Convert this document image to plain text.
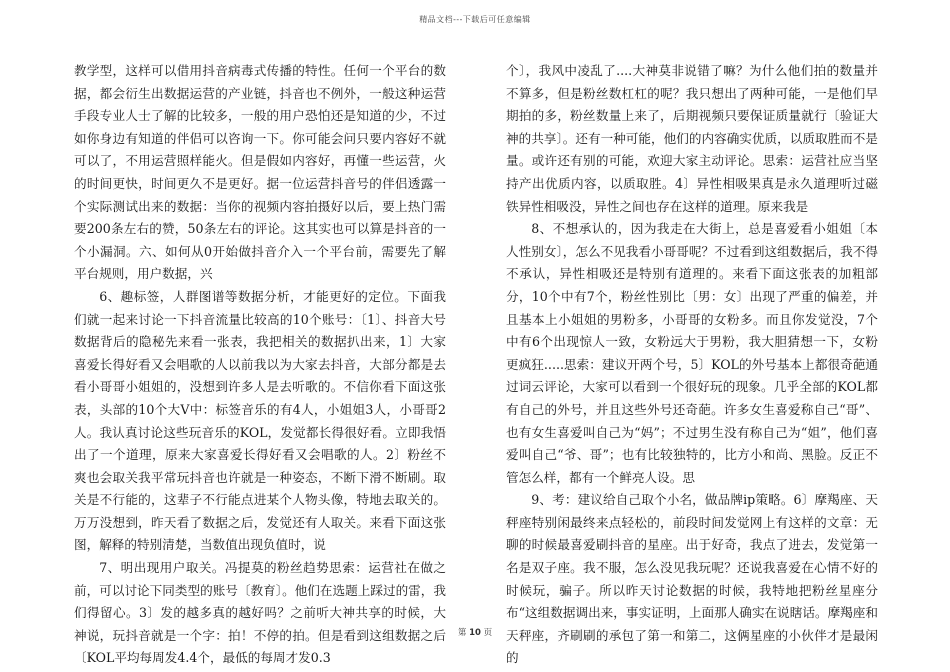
精品文档---下载后可任意编辑

教学型，这样可以借用抖音病毒式传播的特性。任何一个平台的数据，都会衍生出数据运营的产业链，抖音也不例外，一般这种运营手段专业人士了解的比较多，一般的用户恐怕还是知道的少，不过如你身边有知道的伴侣可以咨询一下。你可能会问只要内容好不就可以了，不用运营照样能火。但是假如内容好，再懂一些运营，火的时间更快，时间更久不是更好。据一位运营抖音号的伴侣透露一个实际测试出来的数据：当你的视频内容拍摄好以后，要上热门需要200条左右的赞，50条左右的评论。这其实也可以算是抖音的一个小漏洞。六、如何从0开始做抖音介入一个平台前，需要先了解平台规则，用户数据，兴

6、趣标签，人群图谱等数据分析，才能更好的定位。下面我们就一起来讨论一下抖音流量比较高的10个账号：〔1〕、抖音大号数据背后的隐秘先来看一张表，我把相关的数据扒出来，1〕大家喜爱长得好看又会唱歌的人以前我以为大家去抖音，大部分都是去看小哥哥小姐姐的，没想到许多人是去听歌的。不信你看下面这张表，头部的10个大V中：标签音乐的有4人，小姐姐3人，小哥哥2人。我认真讨论这些玩音乐的KOL，发觉都长得很好看。立即我悟出了一个道理，原来大家喜爱长得好看又会唱歌的人。2〕粉丝不爽也会取关我平常玩抖音也许就是一种姿态，不断下滑不断刷。取关是不行能的，这辈子不行能点进某个人物头像，特地去取关的。万万没想到，昨天看了数据之后，发觉还有人取关。来看下面这张图，解释的特别清楚，当数值出现负值时，说

7、明出现用户取关。冯提莫的粉丝趋势思索：运营社在做之前，可以讨论下同类型的账号〔教育〕。他们在选题上踩过的雷，我们得留心。3〕发的越多真的越好吗？之前听大神共享的时候，大神说，玩抖音就是一个字：拍！不停的拍。但是看到这组数据之后〔KOL平均每周发4.4个，最低的每周才发0.3

个〕，我风中凌乱了....大神莫非说错了嘛？为什么他们拍的数量并不算多，但是粉丝数杠杠的呢？我只想出了两种可能，一是他们早期拍的多，粉丝数量上来了，后期视频只要保证质量就行〔验证大神的共享〕。还有一种可能，他们的内容确实优质，以质取胜而不是量。或许还有别的可能，欢迎大家主动评论。思索：运营社应当坚持产出优质内容，以质取胜。4〕异性相吸果真是永久道理听过磁铁异性相吸没，异性之间也存在这样的道理。原来我是

8、不想承认的，因为我走在大街上，总是喜爱看小姐姐〔本人性别女〕，怎么不见我看小哥哥呢？不过看到这组数据后，我不得不承认，异性相吸还是特别有道理的。来看下面这张表的加粗部分，10个中有7个，粉丝性别比〔男：女〕出现了严重的偏差，并且基本上小姐姐的男粉多，小哥哥的女粉多。而且你发觉没，7个中有6个出现惊人一致，女粉远大于男粉，我大胆猜想一下，女粉更疯狂.....思索：建议开两个号，5〕KOL的外号基本上都很奇葩通过词云评论，大家可以看到一个很好玩的现象。几乎全部的KOL都有自己的外号，并且这些外号还奇葩。许多女生喜爱称自己“哥”、也有女生喜爱叫自己为“妈”；不过男生没有称自己为“姐”，他们喜爱叫自己“爷、哥”；也有比较独特的，比方小和尚、黑脸。反正不管怎么样，都有一个鲜亮人设。思

9、考：建议给自己取个小名，做品牌ip策略。6〕摩羯座、天秤座特别闲最终来点轻松的，前段时间发觉网上有这样的文章：无聊的时候最喜爱刷抖音的星座。出于好奇，我点了进去，发觉第一名是双子座。我不服，怎么没见我玩呢？还说我喜爱在心情不好的时候玩，骗子。所以昨天讨论数据的时候，我特地把粉丝星座分布“这组数据调出来，事实证明，上面那人确实在说瞎话。摩羯座和天秤座，齐刷刷的承包了第一和第二，这俩星座的小伙伴才是最闲的

第 10 页
